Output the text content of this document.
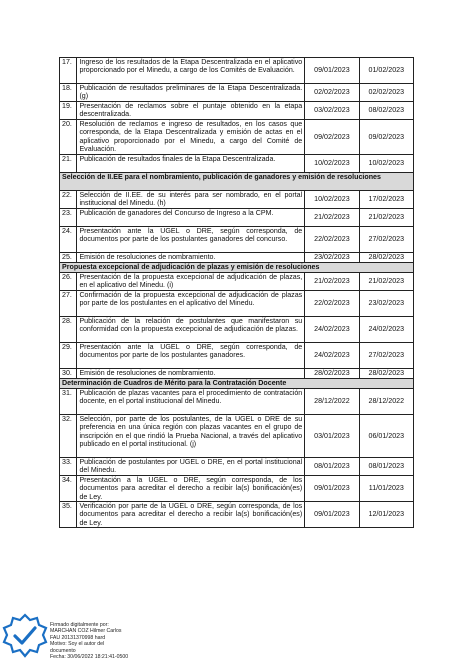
17.	Ingreso de los resultados de la Etapa Descentralizada en el aplicativo proporcionado por el Minedu, a cargo de los Comités de Evaluación.	09/01/2023	01/02/2023
18.	Publicación de resultados preliminares de la Etapa Descentralizada. (g)	02/02/2023	02/02/2023
19.	Presentación de reclamos sobre el puntaje obtenido en la etapa descentralizada.	03/02/2023	08/02/2023
20.	Resolución de reclamos e ingreso de resultados, en los casos que corresponda, de la Etapa Descentralizada y emisión de actas en el aplicativo proporcionado por el Minedu, a cargo del Comité de Evaluación.	09/02/2023	09/02/2023
21.	Publicación de resultados finales de la Etapa Descentralizada.	10/02/2023	10/02/2023
Selección de II.EE para el nombramiento, publicación de ganadores y emisión de resoluciones			
22.	Selección de II.EE. de su interés para ser nombrado, en el portal institucional del Minedu. (h)	10/02/2023	17/02/2023
23.	Publicación de ganadores del Concurso de Ingreso a la CPM.	21/02/2023	21/02/2023
24.	Presentación ante la UGEL o DRE, según corresponda, de documentos por parte de los postulantes ganadores del concurso.	22/02/2023	27/02/2023
25.	Emisión de resoluciones de nombramiento.	23/02/2023	28/02/2023
Propuesta excepcional de adjudicación de plazas y emisión de resoluciones			
26.	Presentación de la propuesta excepcional de adjudicación de plazas, en el aplicativo del Minedu. (i)	21/02/2023	21/02/2023
27.	Confirmación de la propuesta excepcional de adjudicación de plazas por parte de los postulantes en el aplicativo del Minedu.	22/02/2023	23/02/2023
28.	Publicación de la relación de postulantes que manifestaron su conformidad con la propuesta excepcional de adjudicación de plazas.	24/02/2023	24/02/2023
29.	Presentación ante la UGEL o DRE, según corresponda, de documentos por parte de los postulantes ganadores.	24/02/2023	27/02/2023
30.	Emisión de resoluciones de nombramiento.	28/02/2023	28/02/2023
Determinación de Cuadros de Mérito para la Contratación Docente			
31.	Publicación de plazas vacantes para el procedimiento de contratación docente, en el portal institucional del Minedu.	28/12/2022	28/12/2022
32.	Selección, por parte de los postulantes, de la UGEL o DRE de su preferencia en una única región con plazas vacantes en el grupo de inscripción en el que rindió la Prueba Nacional, a través del aplicativo publicado en el portal institucional. (j)	03/01/2023	06/01/2023
33.	Publicación de postulantes por UGEL o DRE, en el portal institucional del Minedu.	08/01/2023	08/01/2023
34.	Presentación a la UGEL o DRE, según corresponda, de los documentos para acreditar el derecho a recibir la(s) bonificación(es) de Ley.	09/01/2023	11/01/2023
35.	Verificación por parte de la UGEL o DRE, según corresponda, de los documentos para acreditar el derecho a recibir la(s) bonificación(es) de Ley.	09/01/2023	12/01/2023
Firmado digitalmente por:
MARCHAN COZ Hilmer Carlos
FAU 20131370998 hard
Motivo: Soy el autor del
documento
Fecha: 30/06/2022 18:21:41-0500
